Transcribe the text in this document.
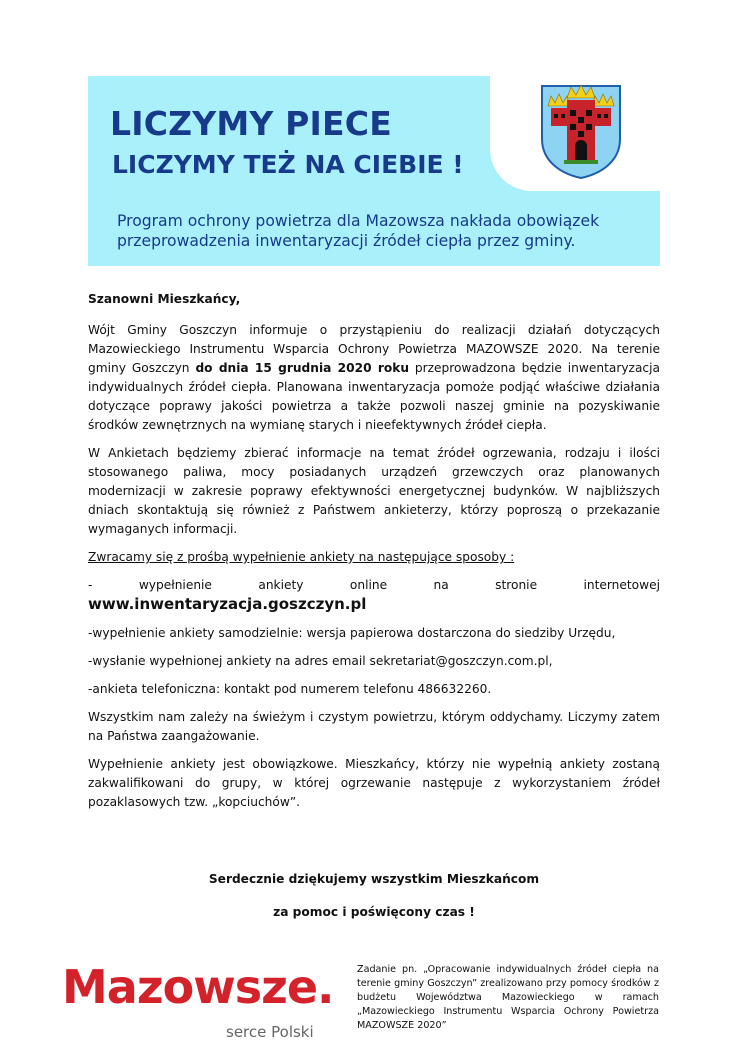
LICZYMY PIECE
LICZYMY TEŻ NA CIEBIE !

Program ochrony powietrza dla Mazowsza nakłada obowiązek przeprowadzenia inwentaryzacji źródeł ciepła przez gminy.

Szanowni Mieszkańcy,

Wójt Gminy Goszczyn informuje o przystąpieniu do realizacji działań dotyczących Mazowieckiego Instrumentu Wsparcia Ochrony Powietrza MAZOWSZE 2020. Na terenie gminy Goszczyn do dnia 15 grudnia 2020 roku przeprowadzona będzie inwentaryzacja indywidualnych źródeł ciepła. Planowana inwentaryzacja pomoże podjąć właściwe działania dotyczące poprawy jakości powietrza a także pozwoli naszej gminie na pozyskiwanie środków zewnętrznych na wymianę starych i nieefektywnych źródeł ciepła.

W Ankietach będziemy zbierać informacje na temat źródeł ogrzewania, rodzaju i ilości stosowanego paliwa, mocy posiadanych urządzeń grzewczych oraz planowanych modernizacji w zakresie poprawy efektywności energetycznej budynków. W najbliższych dniach skontaktują się również z Państwem ankieterzy, którzy poproszą o przekazanie wymaganych informacji.

Zwracamy się z prośbą wypełnienie ankiety na następujące sposoby :

- wypełnienie ankiety online na stronie internetowej www.inwentaryzacja.goszczyn.pl

-wypełnienie ankiety samodzielnie: wersja papierowa dostarczona do siedziby Urzędu,

-wysłanie wypełnionej ankiety na adres email sekretariat@goszczyn.com.pl,

-ankieta telefoniczna: kontakt pod numerem telefonu 486632260.

Wszystkim nam zależy na świeżym i czystym powietrzu, którym oddychamy. Liczymy zatem na Państwa zaangażowanie.

Wypełnienie ankiety jest obowiązkowe. Mieszkańcy, którzy nie wypełnią ankiety zostaną zakwalifikowani do grupy, w której ogrzewanie następuje z wykorzystaniem źródeł pozaklasowych tzw. „kopciuchów”.

Serdecznie dziękujemy wszystkim Mieszkańcom

za pomoc i poświęcony czas !

Mazowsze.
serce Polski

Zadanie pn. „Opracowanie indywidualnych źródeł ciepła na terenie gminy Goszczyn” zrealizowano przy pomocy środków z budżetu Województwa Mazowieckiego w ramach „Mazowieckiego Instrumentu Wsparcia Ochrony Powietrza MAZOWSZE 2020”
